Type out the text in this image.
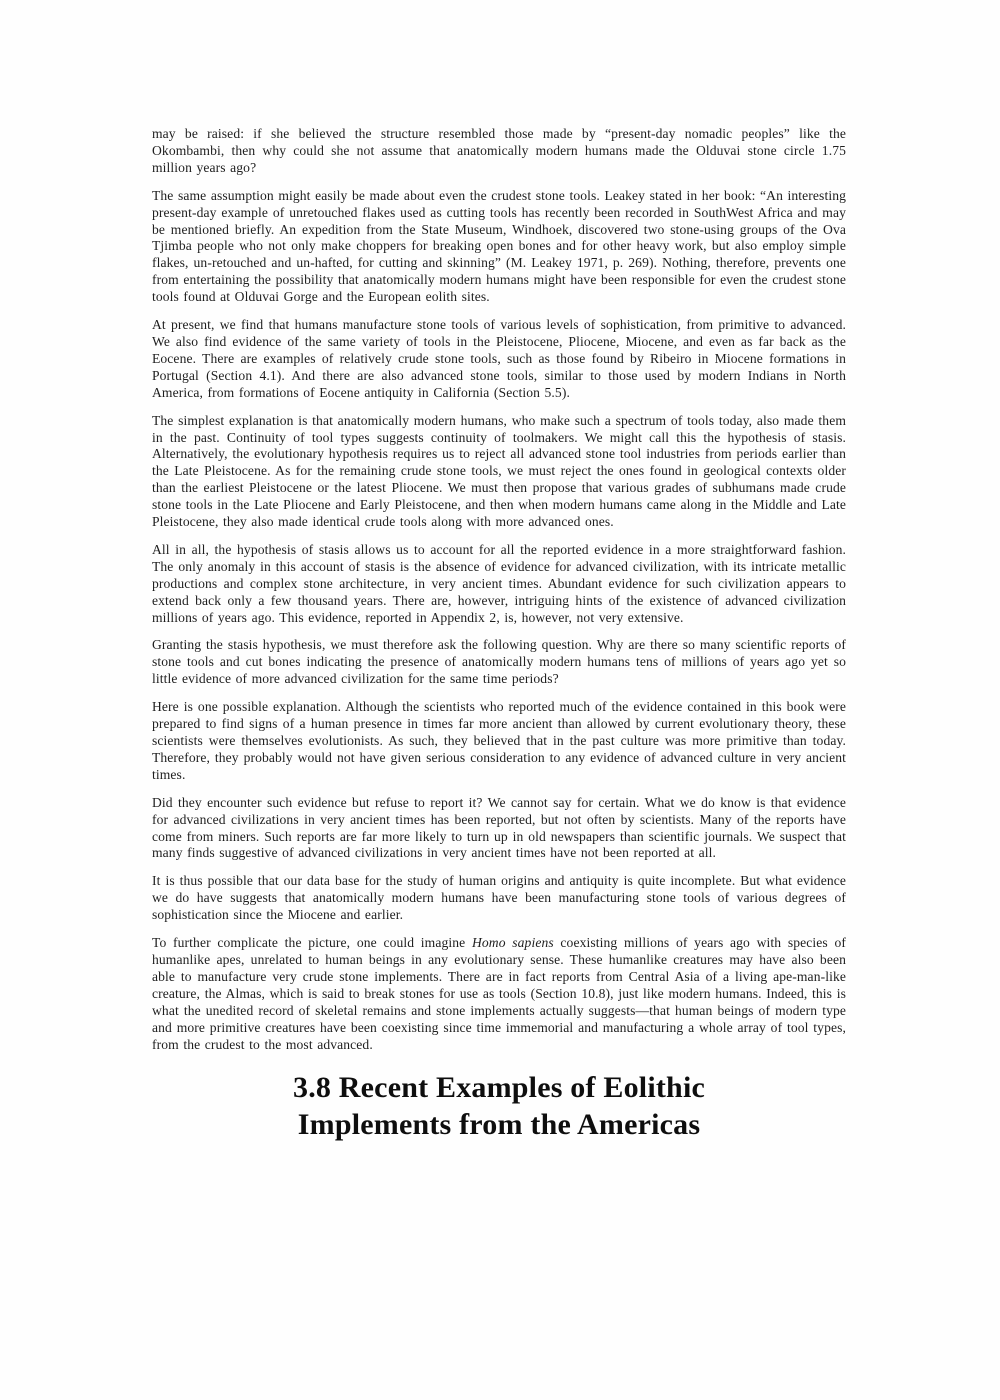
may be raised: if she believed the structure resembled those made by “present-day nomadic peoples” like the Okombambi, then why could she not assume that anatomically modern humans made the Olduvai stone circle 1.75 million years ago?

The same assumption might easily be made about even the crudest stone tools. Leakey stated in her book: “An interesting present-day example of unretouched flakes used as cutting tools has recently been recorded in SouthWest Africa and may be mentioned briefly. An expedition from the State Museum, Windhoek, discovered two stone-using groups of the Ova Tjimba people who not only make choppers for breaking open bones and for other heavy work, but also employ simple flakes, un-retouched and un-hafted, for cutting and skinning” (M. Leakey 1971, p. 269). Nothing, therefore, prevents one from entertaining the possibility that anatomically modern humans might have been responsible for even the crudest stone tools found at Olduvai Gorge and the European eolith sites.

At present, we find that humans manufacture stone tools of various levels of sophistication, from primitive to advanced. We also find evidence of the same variety of tools in the Pleistocene, Pliocene, Miocene, and even as far back as the Eocene. There are examples of relatively crude stone tools, such as those found by Ribeiro in Miocene formations in Portugal (Section 4.1). And there are also advanced stone tools, similar to those used by modern Indians in North America, from formations of Eocene antiquity in California (Section 5.5).

The simplest explanation is that anatomically modern humans, who make such a spectrum of tools today, also made them in the past. Continuity of tool types suggests continuity of toolmakers. We might call this the hypothesis of stasis. Alternatively, the evolutionary hypothesis requires us to reject all advanced stone tool industries from periods earlier than the Late Pleistocene. As for the remaining crude stone tools, we must reject the ones found in geological contexts older than the earliest Pleistocene or the latest Pliocene. We must then propose that various grades of subhumans made crude stone tools in the Late Pliocene and Early Pleistocene, and then when modern humans came along in the Middle and Late Pleistocene, they also made identical crude tools along with more advanced ones.

All in all, the hypothesis of stasis allows us to account for all the reported evidence in a more straightforward fashion. The only anomaly in this account of stasis is the absence of evidence for advanced civilization, with its intricate metallic productions and complex stone architecture, in very ancient times. Abundant evidence for such civilization appears to extend back only a few thousand years. There are, however, intriguing hints of the existence of advanced civilization millions of years ago. This evidence, reported in Appendix 2, is, however, not very extensive.

Granting the stasis hypothesis, we must therefore ask the following question. Why are there so many scientific reports of stone tools and cut bones indicating the presence of anatomically modern humans tens of millions of years ago yet so little evidence of more advanced civilization for the same time periods?

Here is one possible explanation. Although the scientists who reported much of the evidence contained in this book were prepared to find signs of a human presence in times far more ancient than allowed by current evolutionary theory, these scientists were themselves evolutionists. As such, they believed that in the past culture was more primitive than today. Therefore, they probably would not have given serious consideration to any evidence of advanced culture in very ancient times.

Did they encounter such evidence but refuse to report it? We cannot say for certain. What we do know is that evidence for advanced civilizations in very ancient times has been reported, but not often by scientists. Many of the reports have come from miners. Such reports are far more likely to turn up in old newspapers than scientific journals. We suspect that many finds suggestive of advanced civilizations in very ancient times have not been reported at all.

It is thus possible that our data base for the study of human origins and antiquity is quite incomplete. But what evidence we do have suggests that anatomically modern humans have been manufacturing stone tools of various degrees of sophistication since the Miocene and earlier.

To further complicate the picture, one could imagine Homo sapiens coexisting millions of years ago with species of humanlike apes, unrelated to human beings in any evolutionary sense. These humanlike creatures may have also been able to manufacture very crude stone implements. There are in fact reports from Central Asia of a living ape-man-like creature, the Almas, which is said to break stones for use as tools (Section 10.8), just like modern humans. Indeed, this is what the unedited record of skeletal remains and stone implements actually suggests—that human beings of modern type and more primitive creatures have been coexisting since time immemorial and manufacturing a whole array of tool types, from the crudest to the most advanced.

3.8 Recent Examples of Eolithic
Implements from the Americas
